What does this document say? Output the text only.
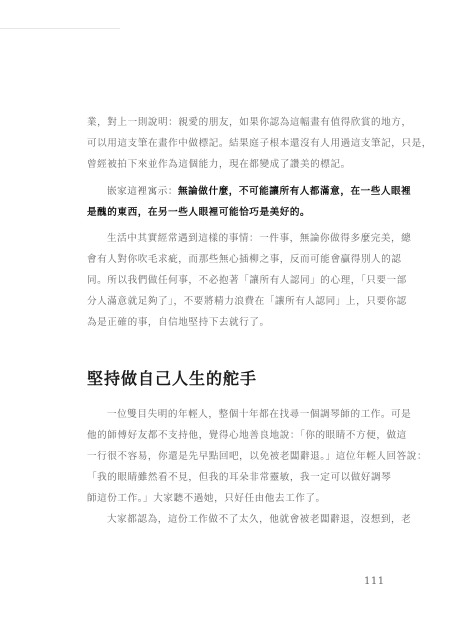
業，對上一則說明：親愛的朋友，如果你認為這幅畫有值得欣賞的地方，
可以用這支筆在畫作中做標記。結果庭子根本還沒有人用過這支筆記，只是，
曾經被拍下來並作為這個能力，現在都變成了讚美的標記。
嵌家這裡寓示：無論做什麼，不可能讓所有人都滿意，在一些人眼裡
是醜的東西，在另一些人眼裡可能恰巧是美好的。
生活中其實經常遇到這樣的事情：一件事，無論你做得多麼完美，總
會有人對你吹毛求疵，而那些無心插柳之事，反而可能會贏得別人的認
同。所以我們做任何事，不必抱著「讓所有人認同」的心理，「只要一部
分人滿意就足夠了」，不要將精力浪費在「讓所有人認同」上，只要你認
為是正確的事，自信地堅持下去就行了。
堅持做自己人生的舵手
一位雙目失明的年輕人，整個十年都在找尋一個調琴師的工作。可是
他的師傅好友都不支持他，覺得心地善良地說：「你的眼睛不方便，做這
一行很不容易，你還是先早點回吧，以免被老闆辭退。」這位年輕人回答說：
「我的眼睛雖然看不見，但我的耳朵非常靈敏，我一定可以做好調琴
師這份工作。」大家聽不過她，只好任由他去工作了。
大家都認為，這份工作做不了太久，他就會被老闆辭退，沒想到，老
111
